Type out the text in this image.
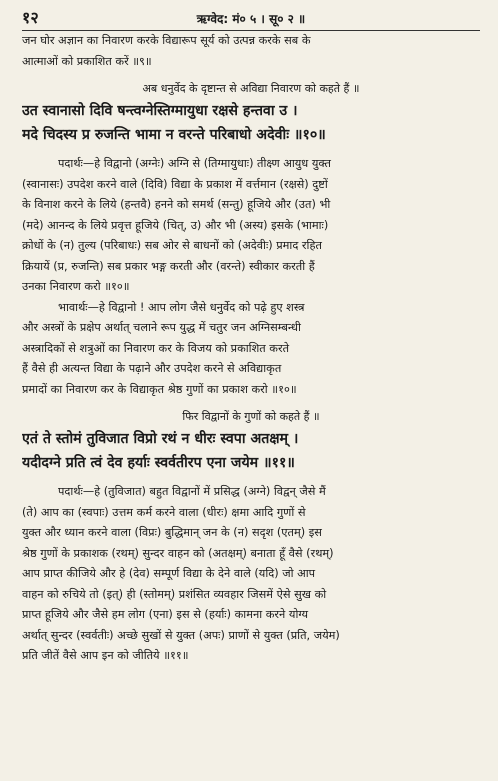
१२	ऋग्वेद: मं० ५ । सू० २ ॥
जन घोर अज्ञान का निवारण करके विद्यारूप सूर्य को उत्पन्न करके सब के
आत्माओं को प्रकाशित करें ॥९॥
अब धनुर्वेद के दृष्टान्त से अविद्या निवारण को कहते हैं ॥
उत स्वानासो दिवि षन्त्वग्नेस्तिग्मायुधा रक्षसे हन्तवा उ ।
मदे चिदस्य प्र रुजन्ति भामा न वरन्ते परिबाधो अदेवीः ॥१०॥
पदार्थः—हे विद्वानो (अग्नेः) अग्नि से (तिग्मायुधाः) तीक्ष्ण आयुध युक्त
(स्वानासः) उपदेश करने वाले (दिवि) विद्या के प्रकाश में वर्त्तमान (रक्षसे) दुष्टों
के विनाश करने के लिये (हन्तवै) हनने को समर्थ (सन्तु) हूजिये और (उत) भी
(मदे) आनन्द के लिये प्रवृत्त हूजिये (चित्, उ) और भी (अस्य) इसके (भामाः)
क्रोधों के (न) तुल्य (परिबाधः) सब ओर से बाधनों को (अदेवीः) प्रमाद रहित
क्रियायें (प्र, रुजन्ति) सब प्रकार भङ्ग करती और (वरन्ते) स्वीकार करती हैं
उनका निवारण करो ॥१०॥
भावार्थः—हे विद्वानो ! आप लोग जैसे धनुर्वेद को पढ़े हुए शस्त्र
और अस्त्रों के प्रक्षेप अर्थात् चलाने रूप युद्ध में चतुर जन अग्निसम्बन्धी
अस्त्रादिकों से शत्रुओं का निवारण कर के विजय को प्रकाशित करते
हैं वैसे ही अत्यन्त विद्या के पढ़ाने और उपदेश करने से अविद्याकृत
प्रमादों का निवारण कर के विद्याकृत श्रेष्ठ गुणों का प्रकाश करो ॥१०॥
फिर विद्वानों के गुणों को कहते हैं ॥
एतं ते स्तोमं तुविजात विप्रो रथं न धीरः स्वपा अतक्षम् ।
यदीदग्ने प्रति त्वं देव हर्याः स्वर्वतीरप एना जयेम ॥११॥
पदार्थः—हे (तुविजात) बहुत विद्वानों में प्रसिद्ध (अग्ने) विद्वन् जैसे मैं
(ते) आप का (स्वपाः) उत्तम कर्म करने वाला (धीरः) क्षमा आदि गुणों से
युक्त और ध्यान करने वाला (विप्रः) बुद्धिमान् जन के (न) सदृश (एतम्) इस
श्रेष्ठ गुणों के प्रकाशक (रथम्) सुन्दर वाहन को (अतक्षम्) बनाता हूँ वैसे (रथम्)
आप प्राप्त कीजिये और हे (देव) सम्पूर्ण विद्या के देने वाले (यदि) जो आप
वाहन को रुचिये तो (इत्) ही (स्तोमम्) प्रशंसित व्यवहार जिसमें ऐसे सुख को
प्राप्त हूजिये और जैसे हम लोग (एना) इस से (हर्याः) कामना करने योग्य
अर्थात् सुन्दर (स्वर्वतीः) अच्छे सुखों से युक्त (अपः) प्राणों से युक्त (प्रति, जयेम)
प्रति जीतें वैसे आप इन को जीतिये ॥११॥
